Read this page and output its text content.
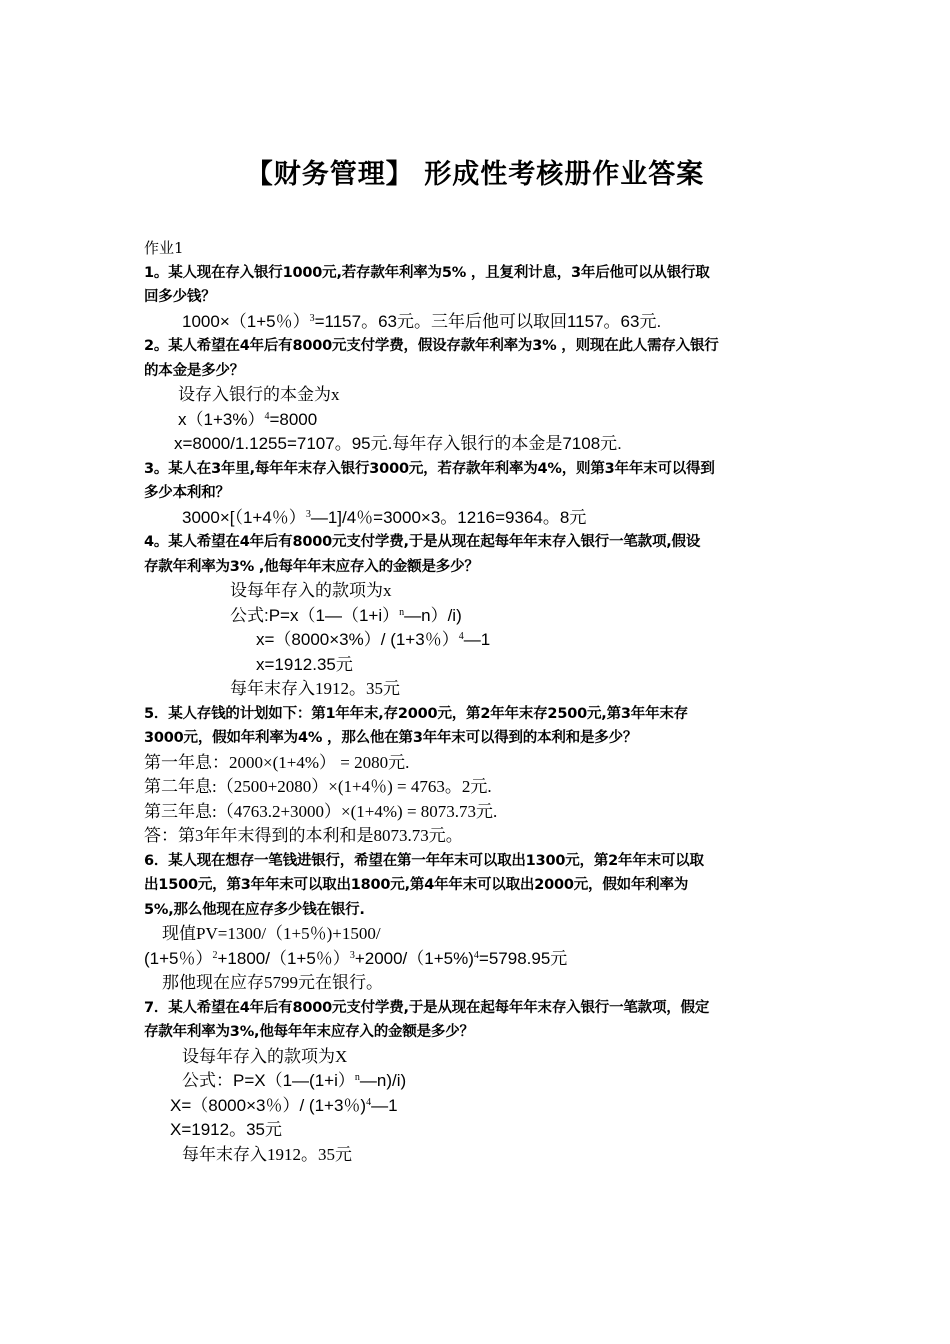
【财务管理】 形成性考核册作业答案
作业1
1。某人现在存入银行1000元,若存款年利率为5% ，且复利计息，3年后他可以从银行取
回多少钱？
1000×（1+5％）$^3$=1157。63元。三年后他可以取回1157。63元.
2。某人希望在4年后有8000元支付学费，假设存款年利率为3% ，则现在此人需存入银行
的本金是多少？
设存入银行的本金为x
$x(1+3\%)^4=8000$
x=8000/1.1255=7107。95元.每年存入银行的本金是7108元.
3。某人在3年里,每年年末存入银行3000元，若存款年利率为4%，则第3年年末可以得到
多少本利和？
3000×[（1+4％）$^3$—1]/4％=3000×3。1216=9364。8元
4。某人希望在4年后有8000元支付学费,于是从现在起每年年末存入银行一笔款项,假设
存款年利率为3% ,他每年年末应存入的金额是多少？
设每年存入的款项为x
公式$:P=x(1—(1+i)^n—n)/i$)
x=（8000×3%）/ (1+3％）$^4$—1
x=1912.35元
每年末存入1912。35元
5．某人存钱的计划如下：第1年年末,存2000元，第2年年末存2500元,第3年年末存
3000元，假如年利率为4% ，那么他在第3年年末可以得到的本利和是多少？
第一年息：2000×(1+4%） = 2080元.
第二年息:（2500+2080）×(1+4％) = 4763。2元.
第三年息:（4763.2+3000）×(1+4%) = 8073.73元.
答：第3年年末得到的本利和是8073.73元。
6．某人现在想存一笔钱进银行，希望在第一年年末可以取出1300元，第2年年末可以取
出1500元，第3年年末可以取出1800元,第4年年末可以取出2000元，假如年利率为
5%,那么他现在应存多少钱在银行.
现值PV=1300/（1+5％)+1500/
(1+5％）$^2$+1800/（1+5％）$^3$+2000/（1+5%)$^4$=5798.95元
那他现在应存5799元在银行。
7．某人希望在4年后有8000元支付学费,于是从现在起每年年末存入银行一笔款项，假定
存款年利率为3%,他每年年末应存入的金额是多少？
设每年存入的款项为X
公式：P=X（1—(1+i）$^n$—n)/i)
X=（8000×3％）/ (1+3％)$^4$—1
X=1912。35元
每年末存入1912。35元
